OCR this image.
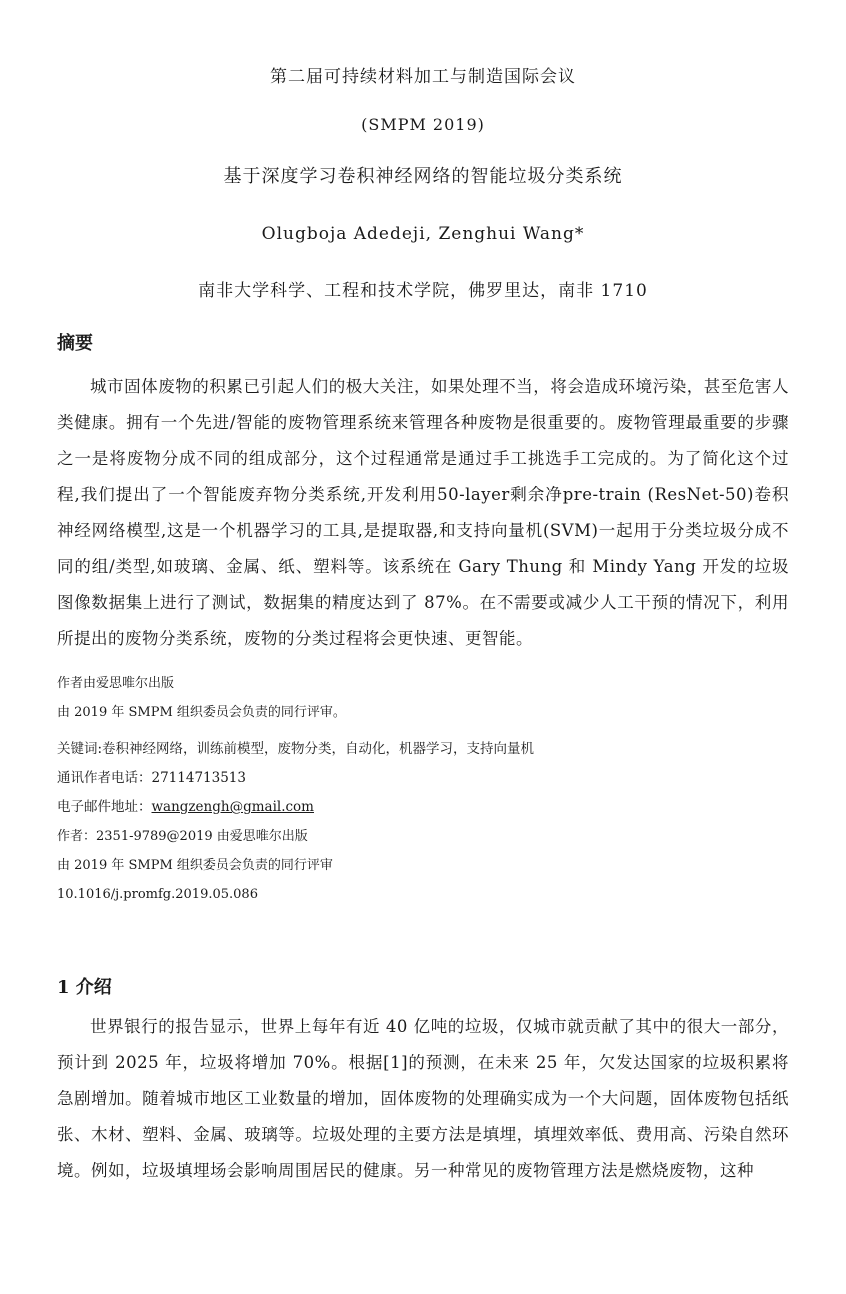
第二届可持续材料加工与制造国际会议
(SMPM 2019)
基于深度学习卷积神经网络的智能垃圾分类系统
Olugboja Adedeji, Zenghui Wang*
南非大学科学、工程和技术学院，佛罗里达，南非 1710
摘要

城市固体废物的积累已引起人们的极大关注，如果处理不当，将会造成环境污染，甚至危害人类健康。拥有一个先进/智能的废物管理系统来管理各种废物是很重要的。废物管理最重要的步骤之一是将废物分成不同的组成部分，这个过程通常是通过手工挑选手工完成的。为了简化这个过程,我们提出了一个智能废弃物分类系统,开发利用50-layer剩余净pre-train (ResNet-50)卷积神经网络模型,这是一个机器学习的工具,是提取器,和支持向量机(SVM)一起用于分类垃圾分成不同的组/类型,如玻璃、金属、纸、塑料等。该系统在 Gary Thung 和 Mindy Yang 开发的垃圾图像数据集上进行了测试，数据集的精度达到了 87%。在不需要或减少人工干预的情况下，利用所提出的废物分类系统，废物的分类过程将会更快速、更智能。

作者由爱思唯尔出版
由 2019 年 SMPM 组织委员会负责的同行评审。
关键词:卷积神经网络，训练前模型，废物分类，自动化，机器学习，支持向量机
通讯作者电话：27114713513
电子邮件地址：wangzengh@gmail.com
作者：2351-9789@2019 由爱思唯尔出版
由 2019 年 SMPM 组织委员会负责的同行评审
10.1016/j.promfg.2019.05.086
1 介绍

世界银行的报告显示，世界上每年有近 40 亿吨的垃圾，仅城市就贡献了其中的很大一部分，预计到 2025 年，垃圾将增加 70%。根据[1]的预测，在未来 25 年，欠发达国家的垃圾积累将急剧增加。随着城市地区工业数量的增加，固体废物的处理确实成为一个大问题，固体废物包括纸张、木材、塑料、金属、玻璃等。垃圾处理的主要方法是填埋，填埋效率低、费用高、污染自然环境。例如，垃圾填埋场会影响周围居民的健康。另一种常见的废物管理方法是燃烧废物，这种
